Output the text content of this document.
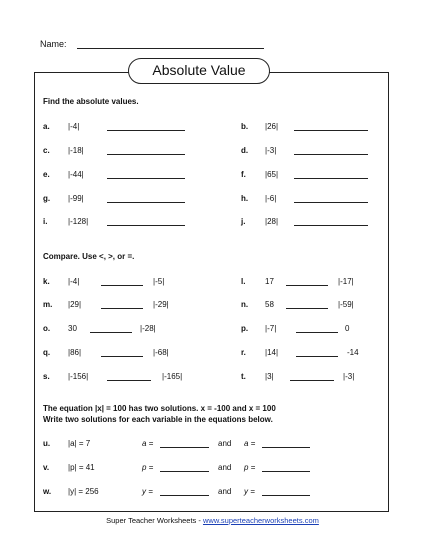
Name:
Absolute Value
Find the absolute values.
a. |-4|	b. |26|
c. |-18|	d. |-3|
e. |-44|	f. |65|
g. |-99|	h. |-6|
i.	|-128|	j. |28|
Compare. Use <, >, or =.
k. |-4|	|-5|	l. 17	|-17|
m. |29|	|-29|	n. 58	|-59|
o. 30	|-28|	p. |-7|	0
q. |86|	|-68|	r. |14|	-14
s. |-156|	|-165|	t. |3|	|-3|
The equation |x| = 100 has two solutions. x = -100 and x = 100
Write two solutions for each variable in the equations below.
u. |a| = 7	a =	and a =
v. |p| = 41	p =	and p =
w. |y| = 256	y =	and y =
Super Teacher Worksheets - www.superteacherworksheets.com
